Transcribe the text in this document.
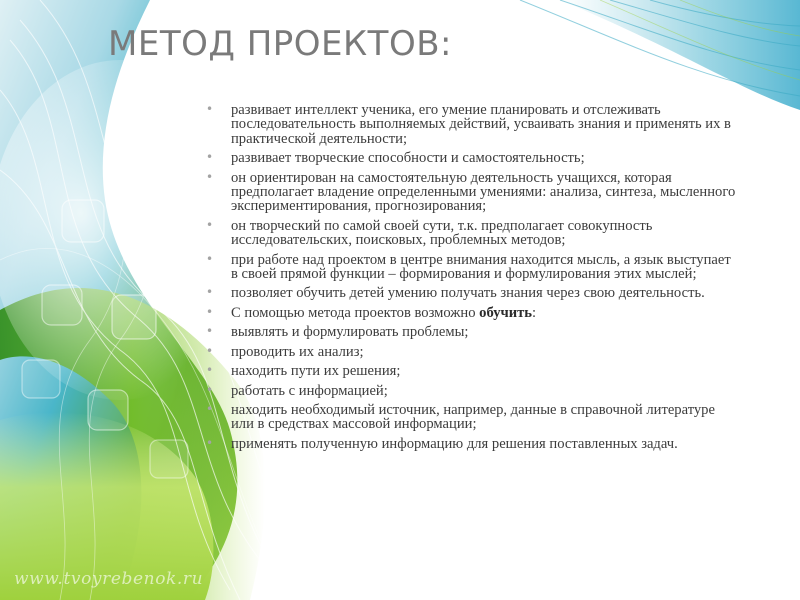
МЕТОД ПРОЕКТОВ:
• развивает интеллект ученика, его умение планировать и отслеживать последовательность выполняемых действий, усваивать знания и применять их в практической деятельности;
• развивает творческие способности и самостоятельность;
• он ориентирован на самостоятельную деятельность учащихся, которая предполагает владение определенными умениями: анализа, синтеза, мысленного экспериментирования, прогнозирования;
• он творческий по самой своей сути, т.к. предполагает совокупность исследовательских, поисковых, проблемных методов;
• при работе над проектом в центре внимания находится мысль, а язык выступает в своей прямой функции – формирования и формулирования этих мыслей;
• позволяет обучить детей умению получать знания через свою деятельность.
• С помощью метода проектов возможно обучить:
• выявлять и формулировать проблемы;
• проводить их анализ;
• находить пути их решения;
• работать с информацией;
• находить необходимый источник, например, данные в справочной литературе или в средствах массовой информации;
• применять полученную информацию для решения поставленных задач.
www.tvoyrebenok.ru
